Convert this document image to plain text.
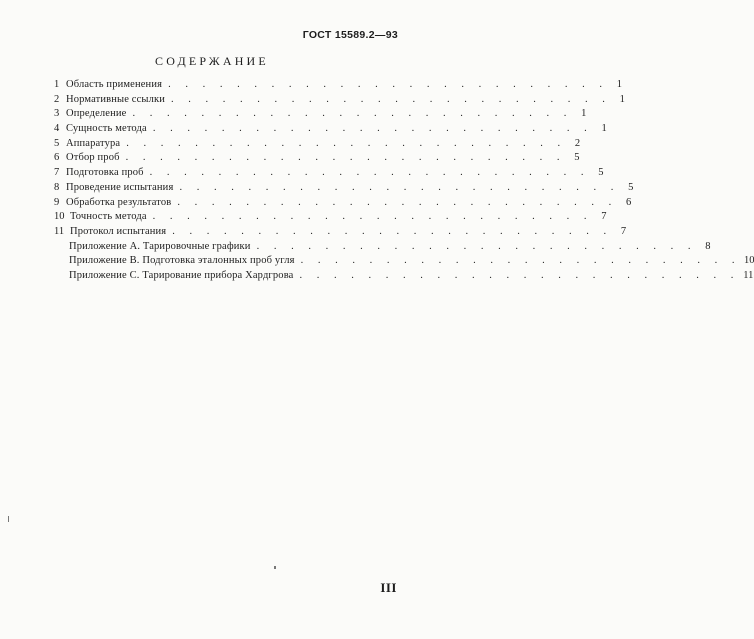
ГОСТ 15589.2—93
СОДЕРЖАНИЕ
1 Область применения . . . . . . . . . . . . . . . . . . . . . . . . . . 1
2 Нормативные ссылки . . . . . . . . . . . . . . . . . . . . . . . . . . 1
3 Определение . . . . . . . . . . . . . . . . . . . . . . . . . . 1
4 Сущность метода . . . . . . . . . . . . . . . . . . . . . . . . . . 1
5 Аппаратура . . . . . . . . . . . . . . . . . . . . . . . . . . 2
6 Отбор проб . . . . . . . . . . . . . . . . . . . . . . . . . . 5
7 Подготовка проб . . . . . . . . . . . . . . . . . . . . . . . . . . 5
8 Проведение испытания . . . . . . . . . . . . . . . . . . . . . . . . . . 5
9 Обработка результатов . . . . . . . . . . . . . . . . . . . . . . . . . . 6
10 Точность метода . . . . . . . . . . . . . . . . . . . . . . . . . . 7
11 Протокол испытания . . . . . . . . . . . . . . . . . . . . . . . . . . 7
Приложение А. Тарировочные графики . . . . . . . . . . . . . . . . . . . . . . . . . . 8
Приложение В. Подготовка эталонных проб угля . . . . . . . . . . . . . . . . . . . . . . . . . . 10
Приложение С. Тарирование прибора Хардгрова . . . . . . . . . . . . . . . . . . . . . . . . . . 11
III
